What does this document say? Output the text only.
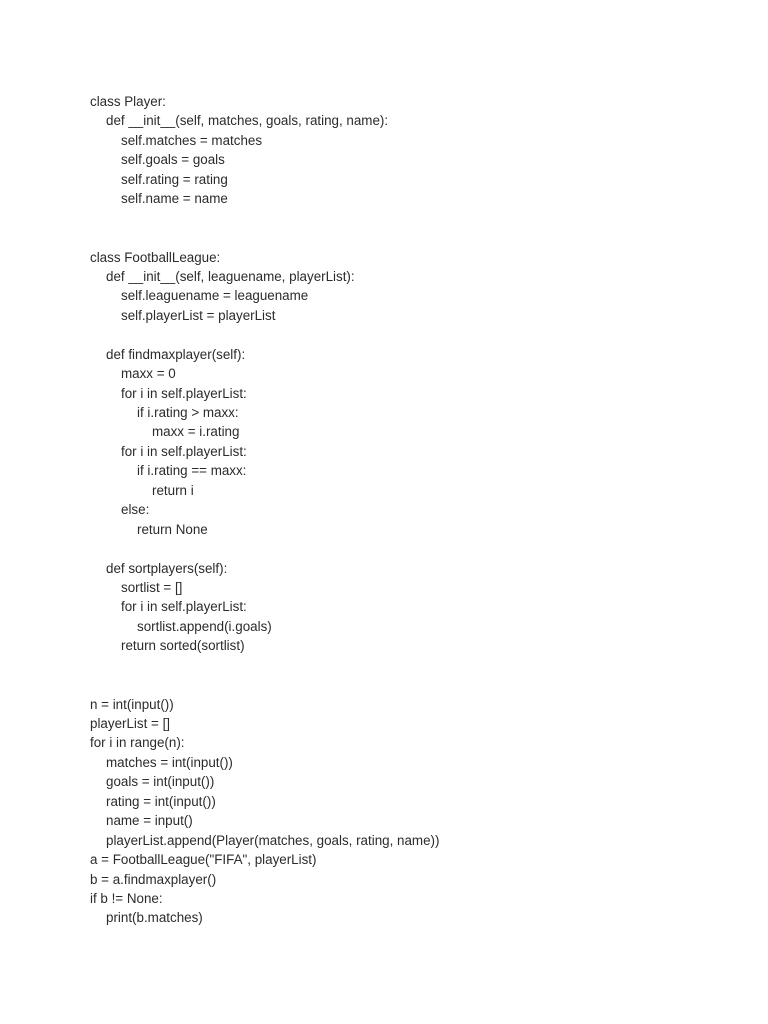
class Player:
def __init__(self, matches, goals, rating, name):
self.matches = matches
self.goals = goals
self.rating = rating
self.name = name
class FootballLeague:
def __init__(self, leaguename, playerList):
self.leaguename = leaguename
self.playerList = playerList
def findmaxplayer(self):
maxx = 0
for i in self.playerList:
if i.rating > maxx:
maxx = i.rating
for i in self.playerList:
if i.rating == maxx:
return i
else:
return None
def sortplayers(self):
sortlist = []
for i in self.playerList:
sortlist.append(i.goals)
return sorted(sortlist)
n = int(input())
playerList = []
for i in range(n):
matches = int(input())
goals = int(input())
rating = int(input())
name = input()
playerList.append(Player(matches, goals, rating, name))
a = FootballLeague("FIFA", playerList)
b = a.findmaxplayer()
if b != None:
print(b.matches)
